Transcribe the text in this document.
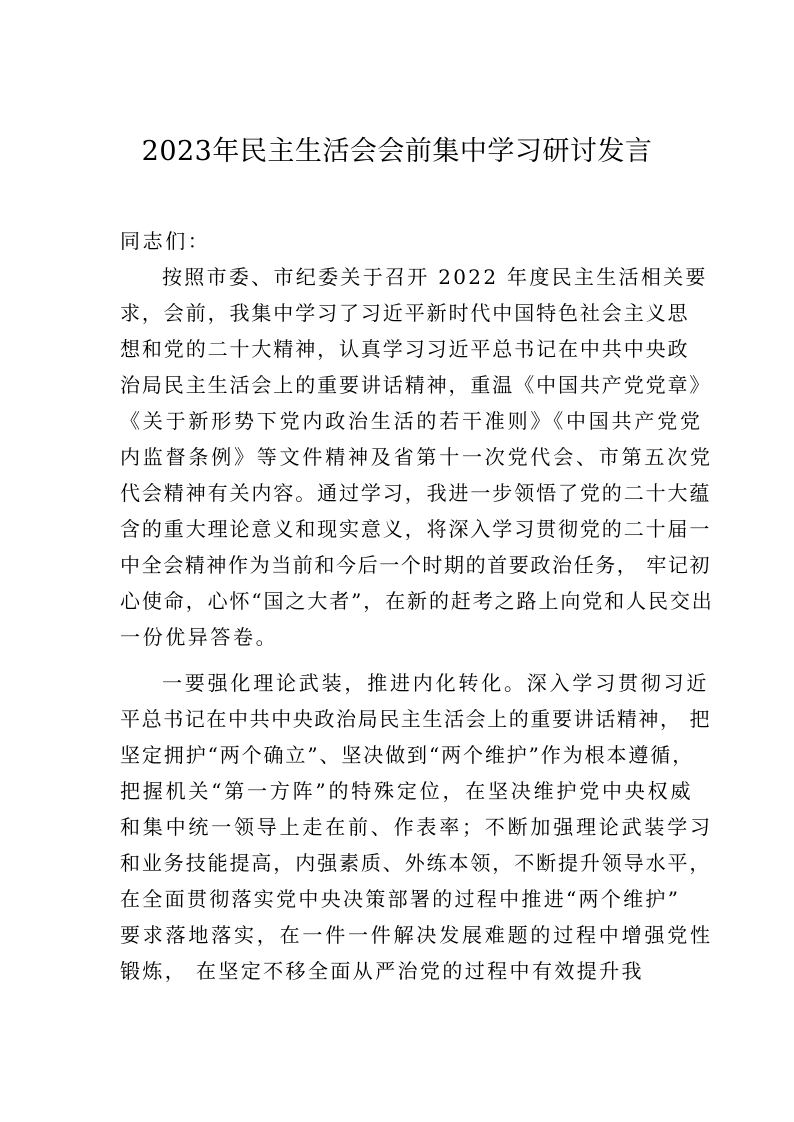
2023年民主生活会会前集中学习研讨发言
同志们：
按照市委、市纪委关于召开 2022 年度民主生活相关要
求，会前，我集中学习了习近平新时代中国特色社会主义思
想和党的二十大精神，认真学习习近平总书记在中共中央政
治局民主生活会上的重要讲话精神，重温《中国共产党党章》
《关于新形势下党内政治生活的若干准则》《中国共产党党
内监督条例》等文件精神及省第十一次党代会、市第五次党
代会精神有关内容。通过学习，我进一步领悟了党的二十大蕴
含的重大理论意义和现实意义，将深入学习贯彻党的二十届一
中全会精神作为当前和今后一个时期的首要政治任务， 牢记初
心使命，心怀“国之大者”，在新的赶考之路上向党和人民交出
一份优异答卷。
一要强化理论武装，推进内化转化。深入学习贯彻习近
平总书记在中共中央政治局民主生活会上的重要讲话精神， 把
坚定拥护“两个确立”、坚决做到“两个维护”作为根本遵循，
把握机关“第一方阵”的特殊定位，在坚决维护党中央权威
和集中统一领导上走在前、作表率；不断加强理论武装学习
和业务技能提高，内强素质、外练本领，不断提升领导水平，
在全面贯彻落实党中央决策部署的过程中推进“两个维护”
要求落地落实，在一件一件解决发展难题的过程中增强党性
锻炼， 在坚定不移全面从严治党的过程中有效提升我
